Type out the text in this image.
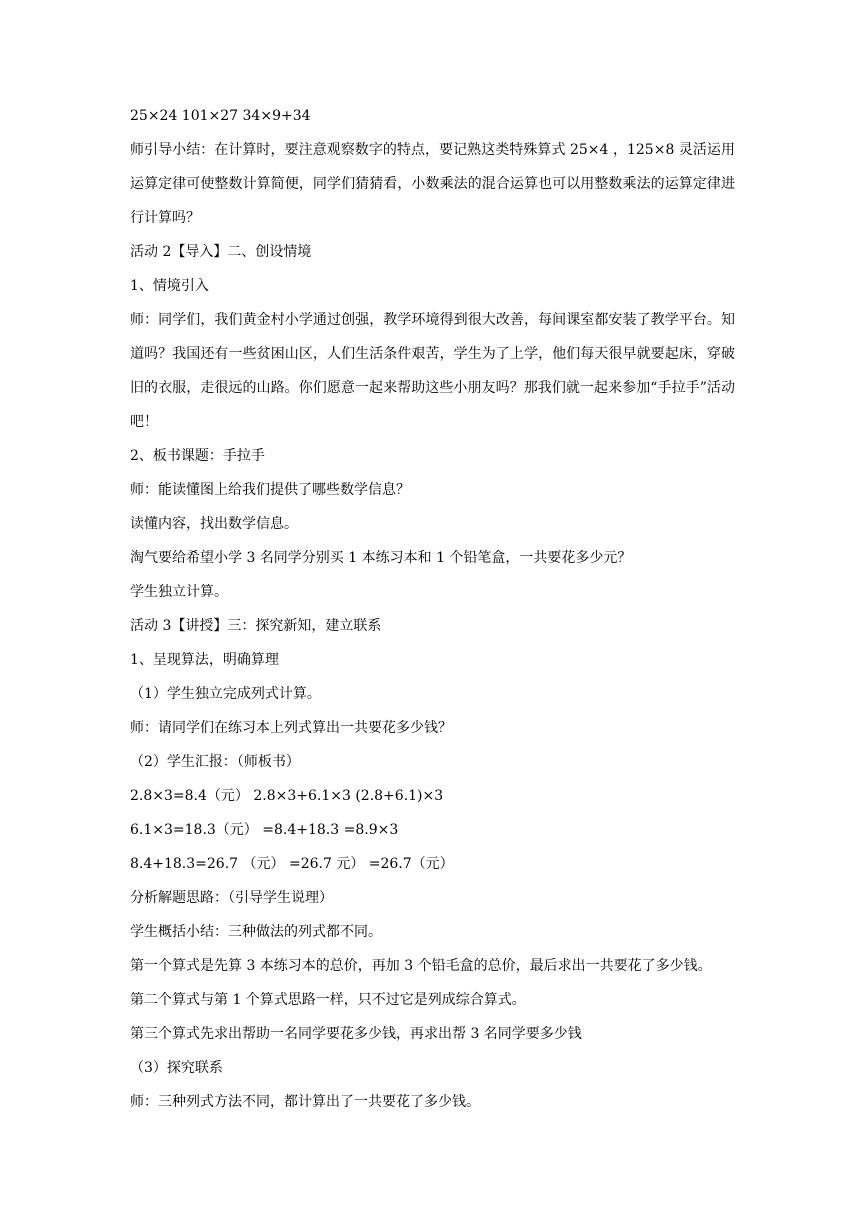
25×24 101×27 34×9+34
师引导小结：在计算时，要注意观察数字的特点，要记熟这类特殊算式 25×4 ，125×8 灵活运用运算定律可使整数计算简便，同学们猜猜看，小数乘法的混合运算也可以用整数乘法的运算定律进行计算吗？
活动 2【导入】二、创设情境
1、情境引入
师：同学们，我们黄金村小学通过创强，教学环境得到很大改善，每间课室都安装了教学平台。知道吗？我国还有一些贫困山区，人们生活条件艰苦，学生为了上学，他们每天很早就要起床，穿破旧的衣服，走很远的山路。你们愿意一起来帮助这些小朋友吗？那我们就一起来参加“手拉手”活动吧！
2、板书课题：手拉手
师：能读懂图上给我们提供了哪些数学信息？
读懂内容，找出数学信息。
淘气要给希望小学 3 名同学分别买 1 本练习本和 1 个铅笔盒，一共要花多少元？
学生独立计算。
活动 3【讲授】三：探究新知，建立联系
1、呈现算法，明确算理
（1）学生独立完成列式计算。
师：请同学们在练习本上列式算出一共要花多少钱？
（2）学生汇报：（师板书）
2.8×3=8.4（元） 2.8×3+6.1×3 (2.8+6.1)×3
6.1×3=18.3（元） =8.4+18.3 =8.9×3
8.4+18.3=26.7 （元） =26.7 元） =26.7（元）
分析解题思路：（引导学生说理）
学生概括小结：三种做法的列式都不同。
第一个算式是先算 3 本练习本的总价，再加 3 个铅毛盒的总价，最后求出一共要花了多少钱。
第二个算式与第 1 个算式思路一样，只不过它是列成综合算式。
第三个算式先求出帮助一名同学要花多少钱，再求出帮 3 名同学要多少钱
（3）探究联系
师：三种列式方法不同，都计算出了一共要花了多少钱。
